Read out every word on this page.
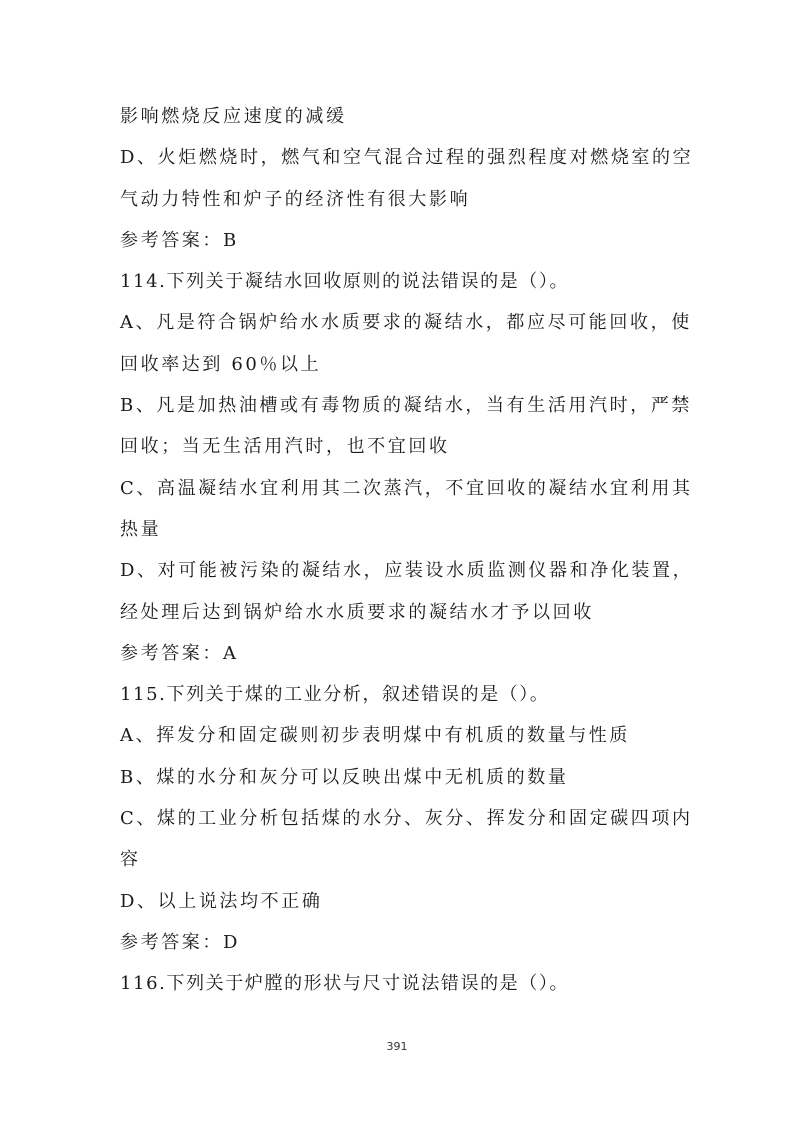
影响燃烧反应速度的减缓
D、火炬燃烧时，燃气和空气混合过程的强烈程度对燃烧室的空
气动力特性和炉子的经济性有很大影响
参考答案：B
114.下列关于凝结水回收原则的说法错误的是（）。
A、凡是符合锅炉给水水质要求的凝结水，都应尽可能回收，使
回收率达到 60％以上
B、凡是加热油槽或有毒物质的凝结水，当有生活用汽时，严禁
回收；当无生活用汽时，也不宜回收
C、高温凝结水宜利用其二次蒸汽，不宜回收的凝结水宜利用其
热量
D、对可能被污染的凝结水，应装设水质监测仪器和净化装置，
经处理后达到锅炉给水水质要求的凝结水才予以回收
参考答案：A
115.下列关于煤的工业分析，叙述错误的是（）。
A、挥发分和固定碳则初步表明煤中有机质的数量与性质
B、煤的水分和灰分可以反映出煤中无机质的数量
C、煤的工业分析包括煤的水分、灰分、挥发分和固定碳四项内
容
D、以上说法均不正确
参考答案：D
116.下列关于炉膛的形状与尺寸说法错误的是（）。
391
